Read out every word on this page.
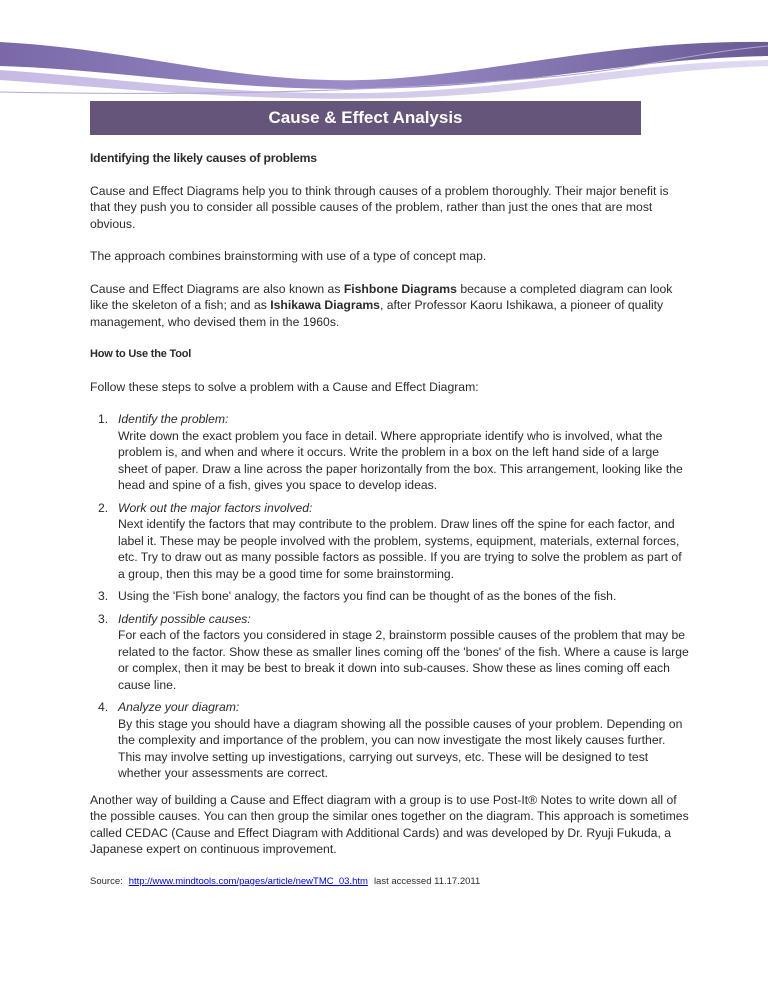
Cause & Effect Analysis
Identifying the likely causes of problems

Cause and Effect Diagrams help you to think through causes of a problem thoroughly. Their major benefit is that they push you to consider all possible causes of the problem, rather than just the ones that are most obvious.

The approach combines brainstorming with use of a type of concept map.

Cause and Effect Diagrams are also known as Fishbone Diagrams because a completed diagram can look like the skeleton of a fish; and as Ishikawa Diagrams, after Professor Kaoru Ishikawa, a pioneer of quality management, who devised them in the 1960s.

How to Use the Tool

Follow these steps to solve a problem with a Cause and Effect Diagram:

1. Identify the problem:
Write down the exact problem you face in detail. Where appropriate identify who is involved, what the problem is, and when and where it occurs. Write the problem in a box on the left hand side of a large sheet of paper. Draw a line across the paper horizontally from the box. This arrangement, looking like the head and spine of a fish, gives you space to develop ideas.
2. Work out the major factors involved:
Next identify the factors that may contribute to the problem. Draw lines off the spine for each factor, and label it. These may be people involved with the problem, systems, equipment, materials, external forces, etc. Try to draw out as many possible factors as possible. If you are trying to solve the problem as part of a group, then this may be a good time for some brainstorming.
3. Using the 'Fish bone' analogy, the factors you find can be thought of as the bones of the fish.
3. Identify possible causes:
For each of the factors you considered in stage 2, brainstorm possible causes of the problem that may be related to the factor. Show these as smaller lines coming off the 'bones' of the fish. Where a cause is large or complex, then it may be best to break it down into sub-causes. Show these as lines coming off each cause line.
4. Analyze your diagram:
By this stage you should have a diagram showing all the possible causes of your problem. Depending on the complexity and importance of the problem, you can now investigate the most likely causes further. This may involve setting up investigations, carrying out surveys, etc. These will be designed to test whether your assessments are correct.

Another way of building a Cause and Effect diagram with a group is to use Post-It® Notes to write down all of the possible causes. You can then group the similar ones together on the diagram. This approach is sometimes called CEDAC (Cause and Effect Diagram with Additional Cards) and was developed by Dr. Ryuji Fukuda, a Japanese expert on continuous improvement.

Source: http://www.mindtools.com/pages/article/newTMC_03.htm last accessed 11.17.2011
